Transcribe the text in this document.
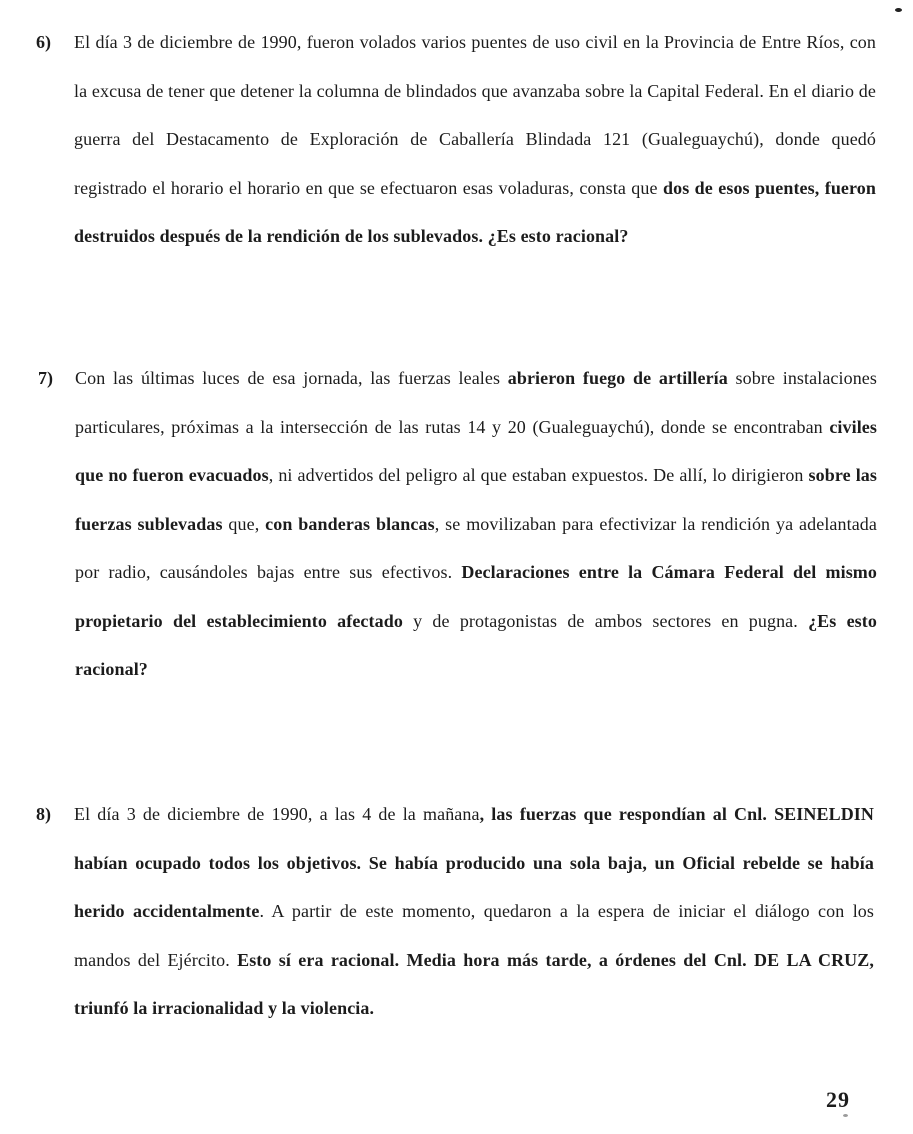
6) El día 3 de diciembre de 1990, fueron volados varios puentes de uso civil en la Provincia de Entre Ríos, con la excusa de tener que detener la columna de blindados que avanzaba sobre la Capital Federal. En el diario de guerra del Destacamento de Exploración de Caballería Blindada 121 (Gualeguaychú), donde quedó registrado el horario el horario en que se efectuaron esas voladuras, consta que dos de esos puentes, fueron destruidos después de la rendición de los sublevados. ¿Es esto racional?
7) Con las últimas luces de esa jornada, las fuerzas leales abrieron fuego de artillería sobre instalaciones particulares, próximas a la intersección de las rutas 14 y 20 (Gualeguaychú), donde se encontraban civiles que no fueron evacuados, ni advertidos del peligro al que estaban expuestos. De allí, lo dirigieron sobre las fuerzas sublevadas que, con banderas blancas, se movilizaban para efectivizar la rendición ya adelantada por radio, causándoles bajas entre sus efectivos. Declaraciones entre la Cámara Federal del mismo propietario del establecimiento afectado y de protagonistas de ambos sectores en pugna. ¿Es esto racional?
8) El día 3 de diciembre de 1990, a las 4 de la mañana, las fuerzas que respondían al Cnl. SEINELDIN habían ocupado todos los objetivos. Se había producido una sola baja, un Oficial rebelde se había herido accidentalmente. A partir de este momento, quedaron a la espera de iniciar el diálogo con los mandos del Ejército. Esto sí era racional. Media hora más tarde, a órdenes del Cnl. DE LA CRUZ, triunfó la irracionalidad y la violencia.
29
